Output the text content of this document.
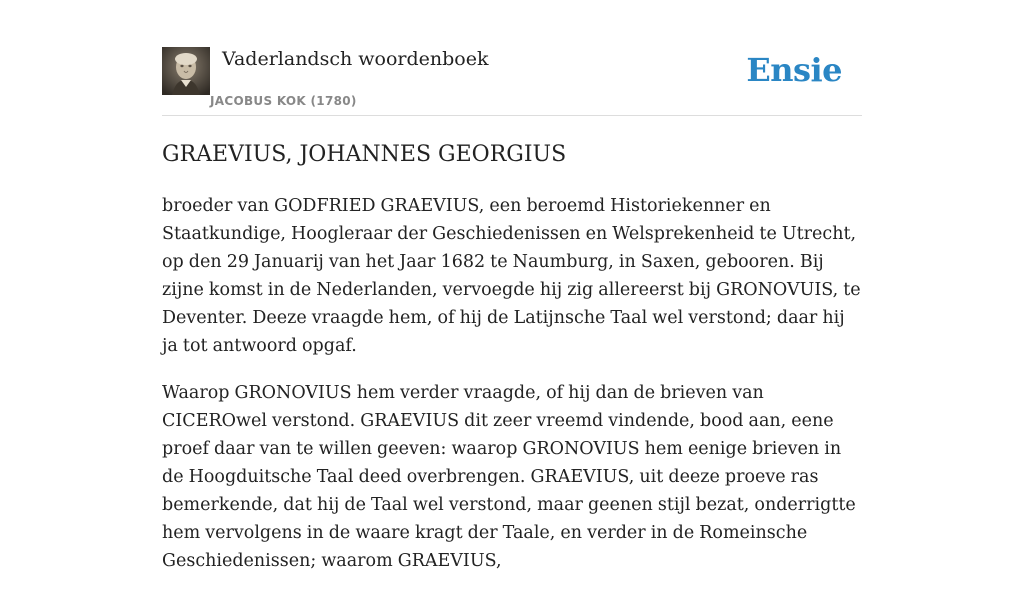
Vaderlandsch woordenboek
JACOBUS KOK (1780)
Ensie
GRAEVIUS, JOHANNES GEORGIUS

broeder van GODFRIED GRAEVIUS, een beroemd Historiekenner en Staatkundige, Hoogleraar der Geschiedenissen en Welsprekenheid te Utrecht, op den 29 Januarij van het Jaar 1682 te Naumburg, in Saxen, gebooren. Bij zijne komst in de Nederlanden, vervoegde hij zig allereerst bij GRONOVUIS, te Deventer. Deeze vraagde hem, of hij de Latijnsche Taal wel verstond; daar hij ja tot antwoord opgaf.

Waarop GRONOVIUS hem verder vraagde, of hij dan de brieven van CICEROwel verstond. GRAEVIUS dit zeer vreemd vindende, bood aan, eene proef daar van te willen geeven: waarop GRONOVIUS hem eenige brieven in de Hoogduitsche Taal deed overbrengen. GRAEVIUS, uit deeze proeve ras bemerkende, dat hij de Taal wel verstond, maar geenen stijl bezat, onderrigtte hem vervolgens in de waare kragt der Taale, en verder in de Romeinsche Geschiedenissen; waarom GRAEVIUS,
